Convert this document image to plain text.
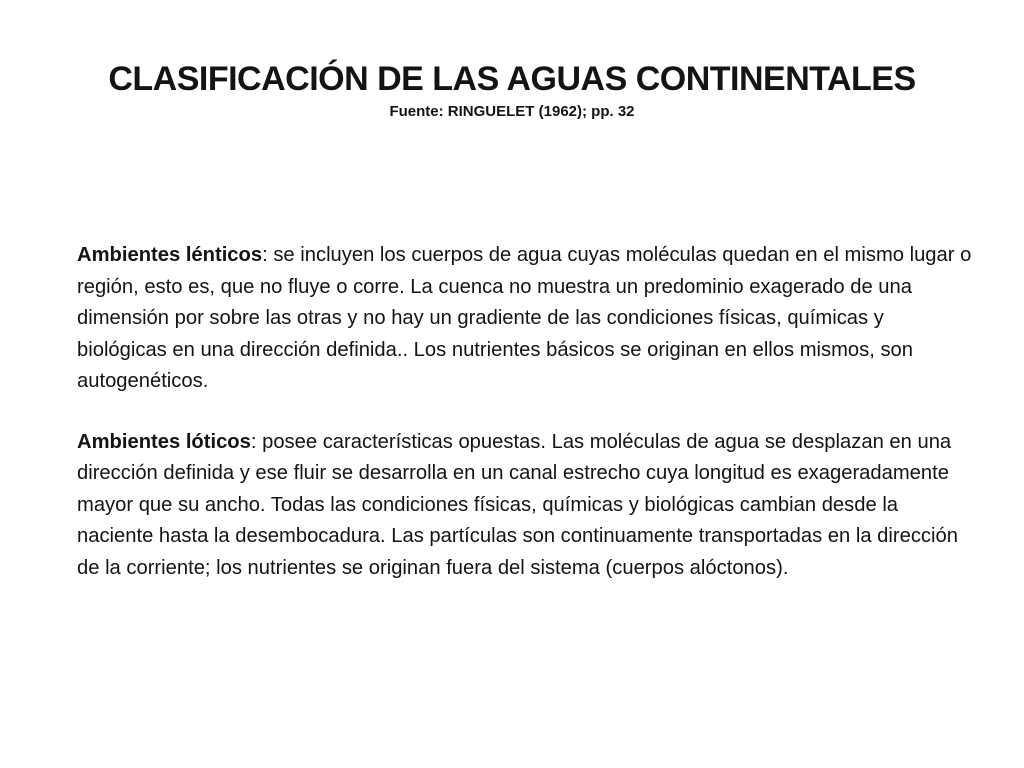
CLASIFICACIÓN DE LAS AGUAS CONTINENTALES

Fuente: RINGUELET (1962); pp. 32

Ambientes lénticos: se incluyen los cuerpos de agua cuyas moléculas quedan en el mismo lugar o región, esto es, que no fluye o corre. La cuenca no muestra un predominio exagerado de una dimensión por sobre las otras y no hay un gradiente de las condiciones físicas, químicas y biológicas en una dirección definida.. Los nutrientes básicos se originan en ellos mismos, son autogenéticos.

Ambientes lóticos: posee características opuestas. Las moléculas de agua se desplazan en una dirección definida y ese fluir se desarrolla en un canal estrecho cuya longitud es exageradamente mayor que su ancho. Todas las condiciones físicas, químicas y biológicas cambian desde la naciente hasta la desembocadura. Las partículas son continuamente transportadas en la dirección de la corriente; los nutrientes se originan fuera del sistema (cuerpos alóctonos).
